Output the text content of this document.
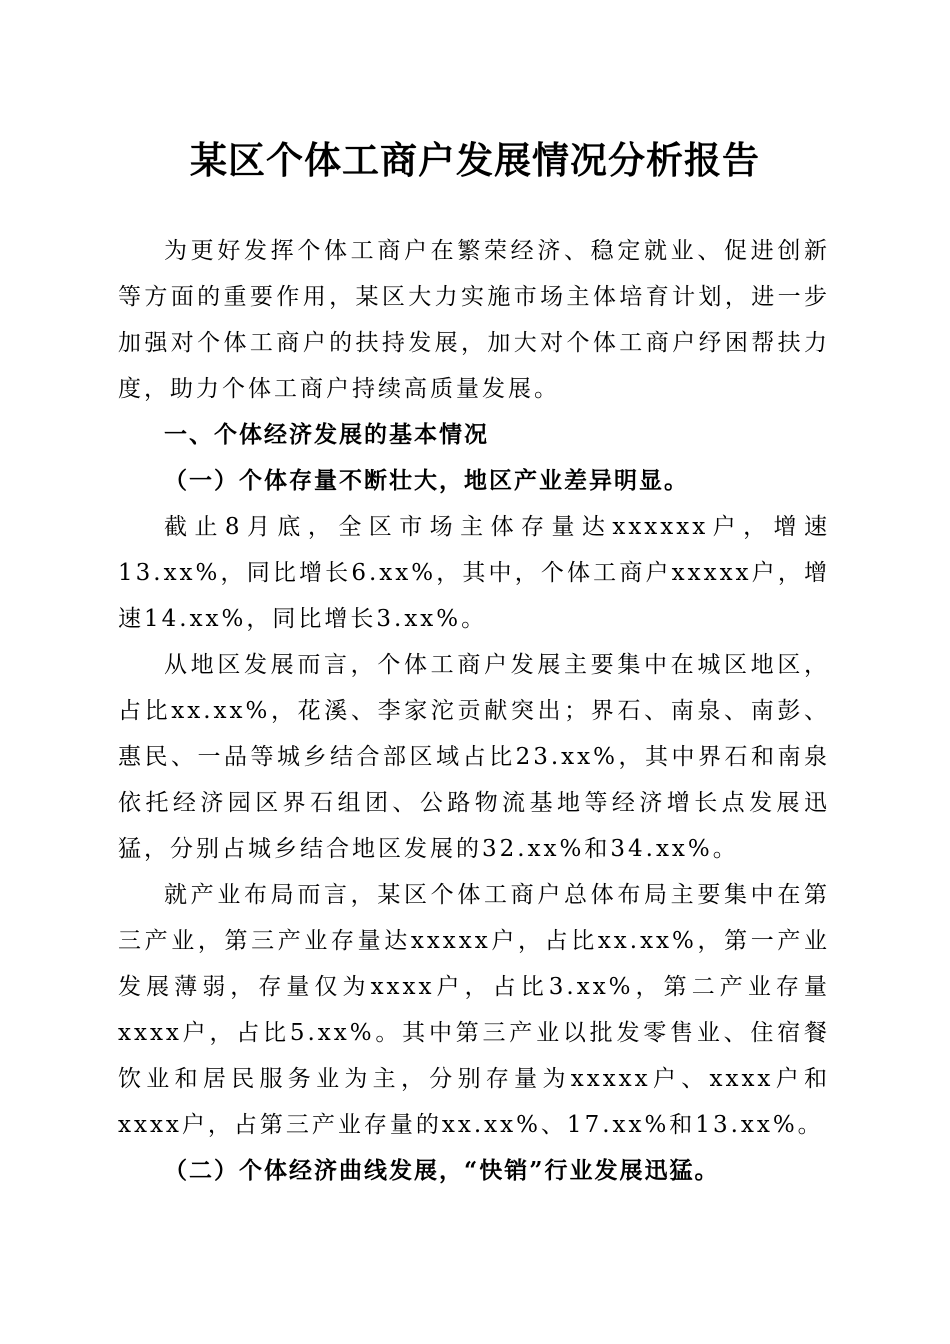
某区个体工商户发展情况分析报告

为更好发挥个体工商户在繁荣经济、稳定就业、促进创新等方面的重要作用，某区大力实施市场主体培育计划，进一步加强对个体工商户的扶持发展，加大对个体工商户纾困帮扶力度，助力个体工商户持续高质量发展。

一、个体经济发展的基本情况

（一）个体存量不断壮大，地区产业差异明显。

截止8月底，全区市场主体存量达xxxxxx户，增速13.xx%，同比增长6.xx%，其中，个体工商户xxxxx户，增速14.xx%，同比增长3.xx%。

从地区发展而言，个体工商户发展主要集中在城区地区，占比xx.xx%，花溪、李家沱贡献突出；界石、南泉、南彭、惠民、一品等城乡结合部区域占比23.xx%，其中界石和南泉依托经济园区界石组团、公路物流基地等经济增长点发展迅猛，分别占城乡结合地区发展的32.xx%和34.xx%。

就产业布局而言，某区个体工商户总体布局主要集中在第三产业，第三产业存量达xxxxx户，占比xx.xx%，第一产业发展薄弱，存量仅为xxxx户，占比3.xx%，第二产业存量xxxx户，占比5.xx%。其中第三产业以批发零售业、住宿餐饮业和居民服务业为主，分别存量为xxxxx户、xxxx户和xxxx户，占第三产业存量的xx.xx%、17.xx%和13.xx%。

（二）个体经济曲线发展，“快销”行业发展迅猛。
